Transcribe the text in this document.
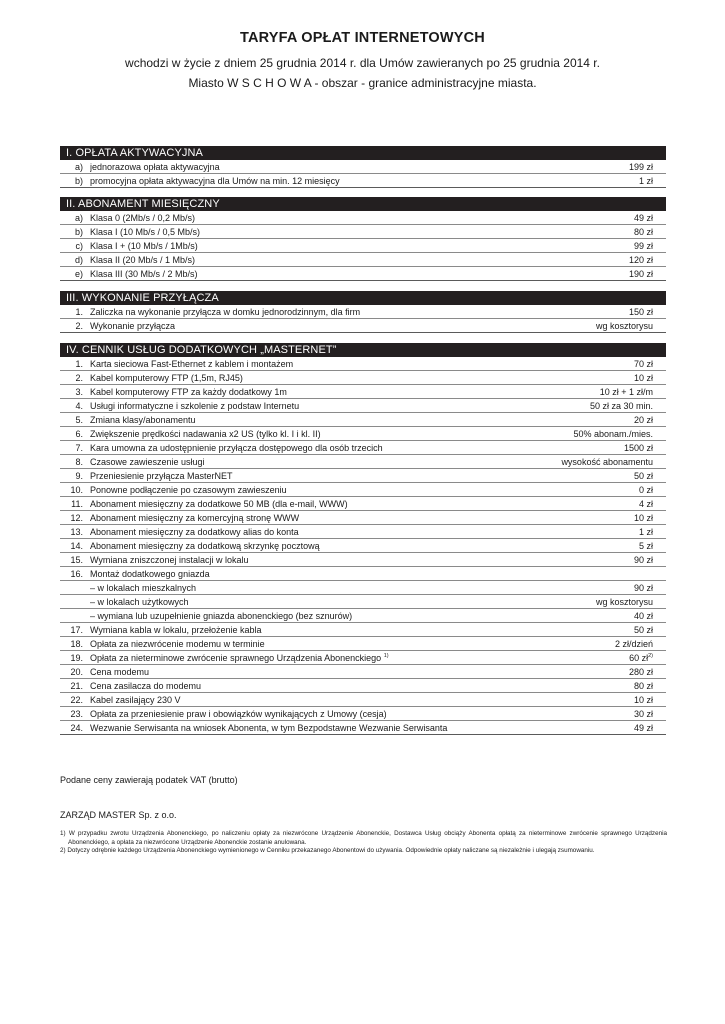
TARYFA OPŁAT INTERNETOWYCH
wchodzi w życie z dniem 25 grudnia 2014 r. dla Umów zawieranych po 25 grudnia 2014 r.
Miasto W S C H O W A - obszar - granice administracyjne miasta.
I. OPŁATA AKTYWACYJNA
a) jednorazowa opłata aktywacyjna	199 zł
b) promocyjna opłata aktywacyjna dla Umów na min. 12 miesięcy	1 zł
II. ABONAMENT MIESIĘCZNY
a) Klasa 0 (2Mb/s / 0,2 Mb/s)	49 zł
b) Klasa I (10 Mb/s / 0,5 Mb/s)	80 zł
c) Klasa I + (10 Mb/s / 1Mb/s)	99 zł
d) Klasa II (20 Mb/s / 1 Mb/s)	120 zł
e) Klasa III (30 Mb/s / 2 Mb/s)	190 zł
III. WYKONANIE PRZYŁĄCZA
1. Zaliczka na wykonanie przyłącza w domku jednorodzinnym, dla firm	150 zł
2. Wykonanie przyłącza	wg kosztorysu
IV. CENNIK USŁUG DODATKOWYCH „MASTERNET”
1. Karta sieciowa Fast-Ethernet z kablem i montażem	70 zł
2. Kabel komputerowy FTP (1,5m, RJ45)	10 zł
3. Kabel komputerowy FTP za każdy dodatkowy 1m	10 zł + 1 zł/m
4. Usługi informatyczne i szkolenie z podstaw Internetu	50 zł za 30 min.
5. Zmiana klasy/abonamentu	20 zł
6. Zwiększenie prędkości nadawania x2 US (tylko kl. I i kl. II)	50% abonam./mies.
7. Kara umowna za udostępnienie przyłącza dostępowego dla osób trzecich	1500 zł
8. Czasowe zawieszenie usługi	wysokość abonamentu
9. Przeniesienie przyłącza MasterNET	50 zł
10. Ponowne podłączenie po czasowym zawieszeniu	0 zł
11. Abonament miesięczny za dodatkowe 50 MB (dla e-mail, WWW)	4 zł
12. Abonament miesięczny za komercyjną stronę WWW	10 zł
13. Abonament miesięczny za dodatkowy alias do konta	1 zł
14. Abonament miesięczny za dodatkową skrzynkę pocztową	5 zł
15. Wymiana zniszczonej instalacji w lokalu	90 zł
16. Montaż dodatkowego gniazda
– w lokalach mieszkalnych	90 zł
– w lokalach użytkowych	wg kosztorysu
– wymiana lub uzupełnienie gniazda abonenckiego (bez sznurów)	40 zł
17. Wymiana kabla w lokalu, przełożenie kabla	50 zł
18. Opłata za niezwrócenie modemu w terminie	2 zł/dzień
19. Opłata za nieterminowe zwrócenie sprawnego Urządzenia Abonenckiego $^{1)}$	60 $zł^{2)}$
20. Cena modemu	280 zł
21. Cena zasilacza do modemu	80 zł
22. Kabel zasilający 230 V	10 zł
23. Opłata za przeniesienie praw i obowiązków wynikających z Umowy (cesja)	30 zł
24. Wezwanie Serwisanta na wniosek Abonenta, w tym Bezpodstawne Wezwanie Serwisanta	49 zł
Podane ceny zawierają podatek VAT (brutto)
ZARZĄD MASTER Sp. z o.o.
1) W przypadku zwrotu Urządzenia Abonenckiego, po naliczeniu opłaty za niezwrócone Urządzenie Abonenckie, Dostawca Usług obciąży Abonenta opłatą za nieterminowe zwrócenie sprawnego Urządzenia Abonenckiego, a opłata za niezwrócone Urządzenie Abonenckie zostanie anulowana.
2) Dotyczy odrębnie każdego Urządzenia Abonenckiego wymienionego w Cenniku przekazanego Abonentowi do używania. Odpowiednie opłaty naliczane są niezależnie i ulegają zsumowaniu.
